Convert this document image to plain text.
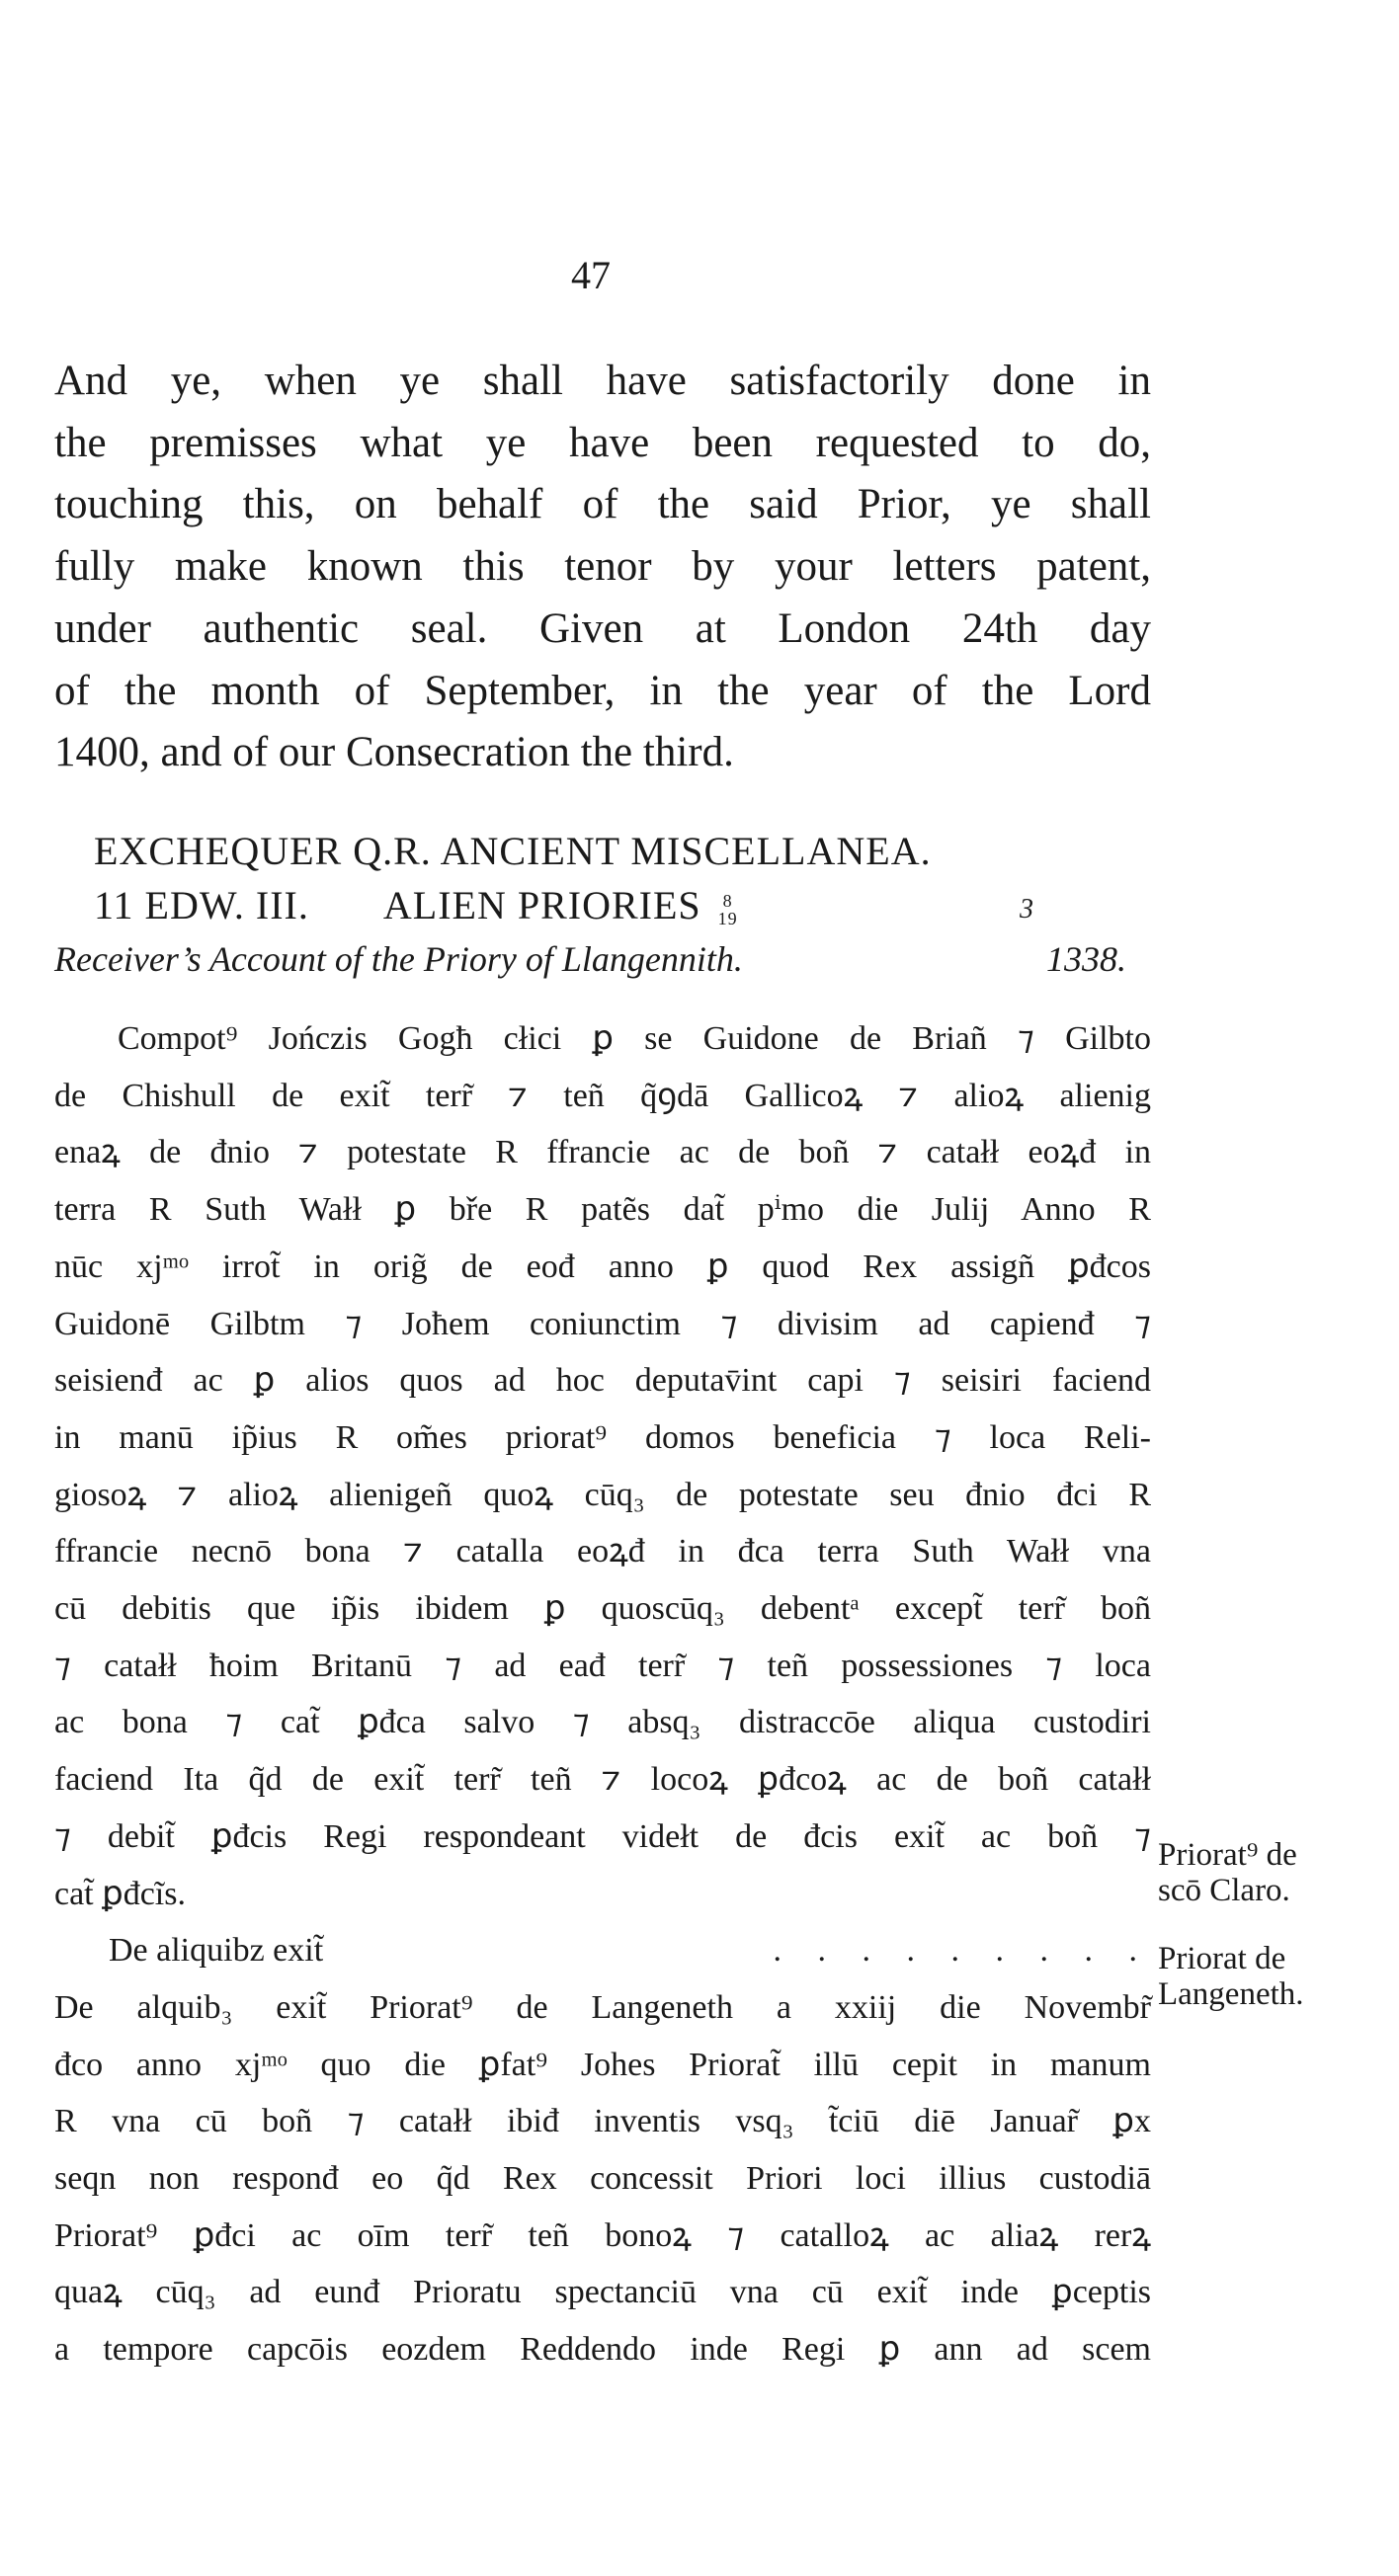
47
And ye, when ye shall have satisfactorily done in
the premisses what ye have been requested to do,
touching this, on behalf of the said Prior, ye shall
fully make known this tenor by your letters patent,
under authentic seal. Given at London 24th day
of the month of September, in the year of the Lord
1400, and of our Consecration the third.
EXCHEQUER Q.R. ANCIENT MISCELLANEA.
11 EDW. III. ALIEN PRIORIES 8
19	3
Receiver’s Account of the Priory of Llangennith.	1338.
Compot⁹ Jończis Gogħ cłici ꝑ se Guidone de Briañ ⁊ Gilbto
de Chishull de exit̃ terr̃ ⁊ teñ q̃ꝯdā Gallicoꝝ ⁊ alioꝝ alienig
enaꝝ de đnio ⁊ potestate R ffrancie ac de boñ ⁊ catałł eoꝝđ in
terra R Suth Wałł ꝑ bře R patẽs dat̃ pⁱmo die Julij Anno R
nūc xjᵐᵒ irrot̃ in orig̃ de eođ anno ꝑ quod Rex assigñ ꝑđcos
Guidonē Gilbtm ⁊ Joħem coniunctim ⁊ divisim ad capienđ ⁊
seisienđ ac ꝑ alios quos ad hoc deputav̄int capi ⁊ seisiri faciend
in manū ip̃ius R om̃es priorat⁹ domos beneficia ⁊ loca Reli-
giosoꝝ ⁊ alioꝝ alienigeñ quoꝝ cūq₃ de potestate seu đnio đci R
ffrancie necnō bona ⁊ catalla eoꝝđ in đca terra Suth Wałł vna
cū debitis que ip̃is ibidem ꝑ quoscūq₃ debentᵃ except̃ terr̃ boñ
⁊ catałł ħoim Britanū ⁊ ad eađ terr̃ ⁊ teñ possessiones ⁊ loca
ac bona ⁊ cat̃ ꝑđca salvo ⁊ absq₃ distraccōe aliqua custodiri
faciend Ita q̃d de exit̃ terr̃ teñ ⁊ locoꝝ ꝑđcoꝝ ac de boñ catałł
⁊ debit̃ ꝑđcis Regi respondeant videłt de đcis exit̃ ac boñ ⁊
cat̃ ꝑđcĩs.
De aliquibz exit̃	. . . . . . . . .
De alquib₃ exit̃ Priorat⁹ de Langeneth a xxiij die Novembr̃
đco anno xjᵐᵒ quo die ꝑfat⁹ Johes Priorat̃ illū cepit in manum
R vna cū boñ ⁊ catałł ibiđ inventis vsq₃ t̃ciū diē Januar̃ ꝑx
seqn non responđ eo q̃d Rex concessit Priori loci illius custodiā
Priorat⁹ ꝑđci ac oīm terr̃ teñ bonoꝝ ⁊ catalloꝝ ac aliaꝝ rerꝝ
quaꝝ cūq₃ ad eunđ Prioratu spectanciū vna cū exit̃ inde ꝑceptis
a tempore capcōis eozdem Reddendo inde Regi ꝑ ann ad scem
Priorat⁹ de
scō Claro.
Priorat de
Langeneth.
